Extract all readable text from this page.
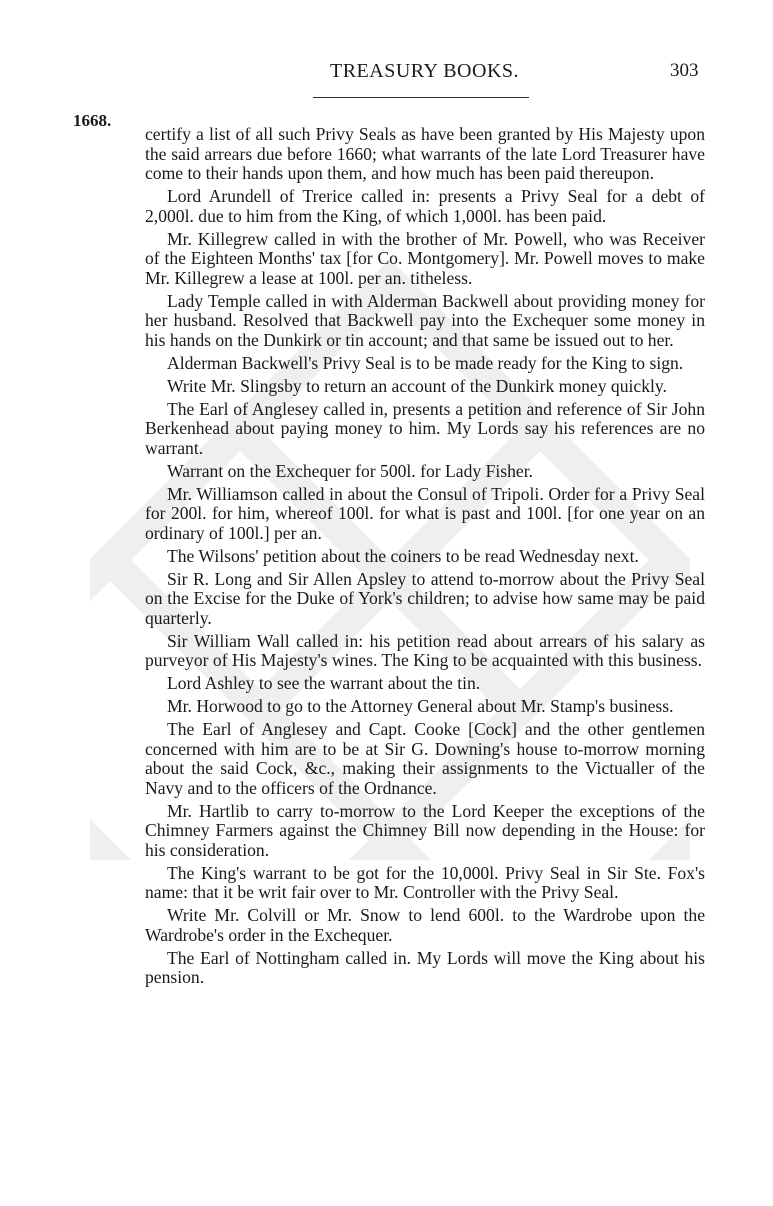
TREASURY BOOKS.	303
1668.

certify a list of all such Privy Seals as have been granted by His Majesty upon the said arrears due before 1660; what warrants of the late Lord Treasurer have come to their hands upon them, and how much has been paid thereupon.

Lord Arundell of Trerice called in: presents a Privy Seal for a debt of 2,000l. due to him from the King, of which 1,000l. has been paid.

Mr. Killegrew called in with the brother of Mr. Powell, who was Receiver of the Eighteen Months' tax [for Co. Montgomery]. Mr. Powell moves to make Mr. Killegrew a lease at 100l. per an. titheless.

Lady Temple called in with Alderman Backwell about providing money for her husband. Resolved that Backwell pay into the Exchequer some money in his hands on the Dunkirk or tin account; and that same be issued out to her.

Alderman Backwell's Privy Seal is to be made ready for the King to sign.

Write Mr. Slingsby to return an account of the Dunkirk money quickly.

The Earl of Anglesey called in, presents a petition and reference of Sir John Berkenhead about paying money to him. My Lords say his references are no warrant.

Warrant on the Exchequer for 500l. for Lady Fisher.

Mr. Williamson called in about the Consul of Tripoli. Order for a Privy Seal for 200l. for him, whereof 100l. for what is past and 100l. [for one year on an ordinary of 100l.] per an.

The Wilsons' petition about the coiners to be read Wednesday next.

Sir R. Long and Sir Allen Apsley to attend to-morrow about the Privy Seal on the Excise for the Duke of York's children; to advise how same may be paid quarterly.

Sir William Wall called in: his petition read about arrears of his salary as purveyor of His Majesty's wines. The King to be acquainted with this business.

Lord Ashley to see the warrant about the tin.

Mr. Horwood to go to the Attorney General about Mr. Stamp's business.

The Earl of Anglesey and Capt. Cooke [Cock] and the other gentlemen concerned with him are to be at Sir G. Downing's house to-morrow morning about the said Cock, &c., making their assignments to the Victualler of the Navy and to the officers of the Ordnance.

Mr. Hartlib to carry to-morrow to the Lord Keeper the exceptions of the Chimney Farmers against the Chimney Bill now depending in the House: for his consideration.

The King's warrant to be got for the 10,000l. Privy Seal in Sir Ste. Fox's name: that it be writ fair over to Mr. Controller with the Privy Seal.

Write Mr. Colvill or Mr. Snow to lend 600l. to the Wardrobe upon the Wardrobe's order in the Exchequer.

The Earl of Nottingham called in. My Lords will move the King about his pension.
